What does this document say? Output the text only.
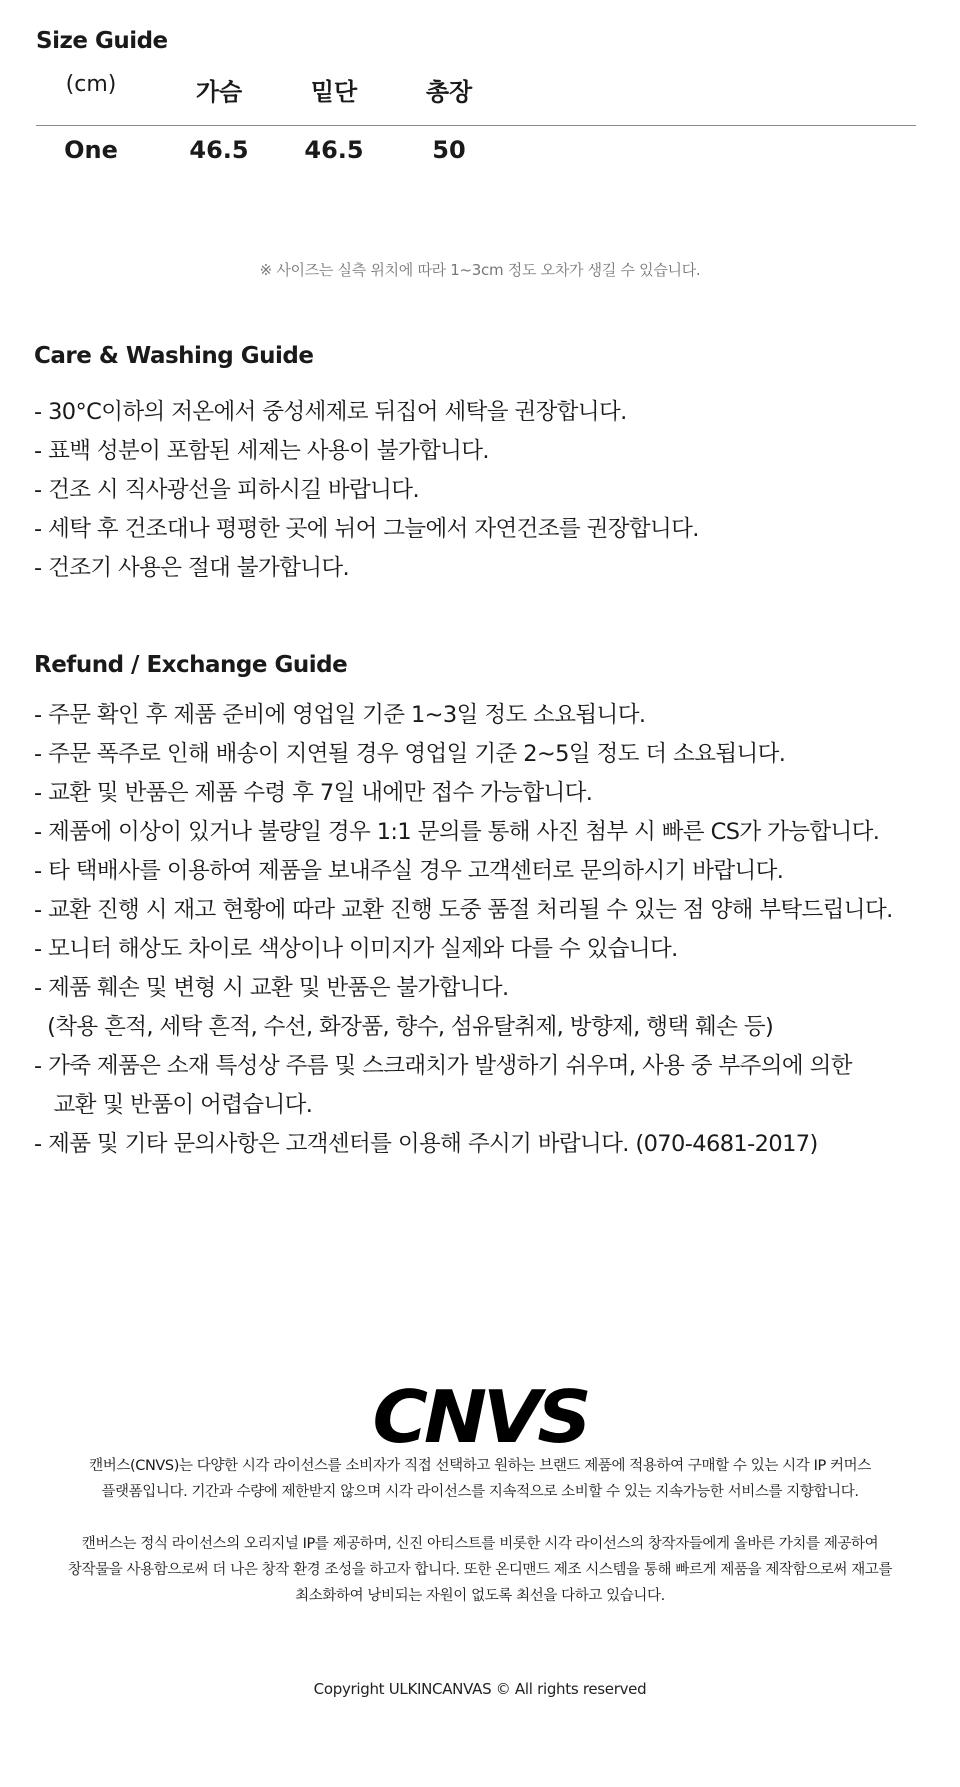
Size Guide
(cm)	가슴	밑단	총장
One	46.5	46.5	50
※ 사이즈는 실측 위치에 따라 1~3cm 정도 오차가 생길 수 있습니다.
Care & Washing Guide
- 30°C이하의 저온에서 중성세제로 뒤집어 세탁을 권장합니다.
- 표백 성분이 포함된 세제는 사용이 불가합니다.
- 건조 시 직사광선을 피하시길 바랍니다.
- 세탁 후 건조대나 평평한 곳에 뉘어 그늘에서 자연건조를 권장합니다.
- 건조기 사용은 절대 불가합니다.
Refund / Exchange Guide
- 주문 확인 후 제품 준비에 영업일 기준 1~3일 정도 소요됩니다.
- 주문 폭주로 인해 배송이 지연될 경우 영업일 기준 2~5일 정도 더 소요됩니다.
- 교환 및 반품은 제품 수령 후 7일 내에만 접수 가능합니다.
- 제품에 이상이 있거나 불량일 경우 1:1 문의를 통해 사진 첨부 시 빠른 CS가 가능합니다.
- 타 택배사를 이용하여 제품을 보내주실 경우 고객센터로 문의하시기 바랍니다.
- 교환 진행 시 재고 현황에 따라 교환 진행 도중 품절 처리될 수 있는 점 양해 부탁드립니다.
- 모니터 해상도 차이로 색상이나 이미지가 실제와 다를 수 있습니다.
- 제품 훼손 및 변형 시 교환 및 반품은 불가합니다.
(착용 흔적, 세탁 흔적, 수선, 화장품, 향수, 섬유탈취제, 방향제, 행택 훼손 등)
- 가죽 제품은 소재 특성상 주름 및 스크래치가 발생하기 쉬우며, 사용 중 부주의에 의한
교환 및 반품이 어렵습니다.
- 제품 및 기타 문의사항은 고객센터를 이용해 주시기 바랍니다. (070-4681-2017)
CNVS
캔버스(CNVS)는 다양한 시각 라이선스를 소비자가 직접 선택하고 원하는 브랜드 제품에 적용하여 구매할 수 있는 시각 IP 커머스
플랫폼입니다. 기간과 수량에 제한받지 않으며 시각 라이선스를 지속적으로 소비할 수 있는 지속가능한 서비스를 지향합니다.
캔버스는 정식 라이선스의 오리지널 IP를 제공하며, 신진 아티스트를 비롯한 시각 라이선스의 창작자들에게 올바른 가치를 제공하여
창작물을 사용함으로써 더 나은 창작 환경 조성을 하고자 합니다. 또한 온디맨드 제조 시스템을 통해 빠르게 제품을 제작함으로써 재고를
최소화하여 낭비되는 자원이 없도록 최선을 다하고 있습니다.
Copyright ULKINCANVAS © All rights reserved
